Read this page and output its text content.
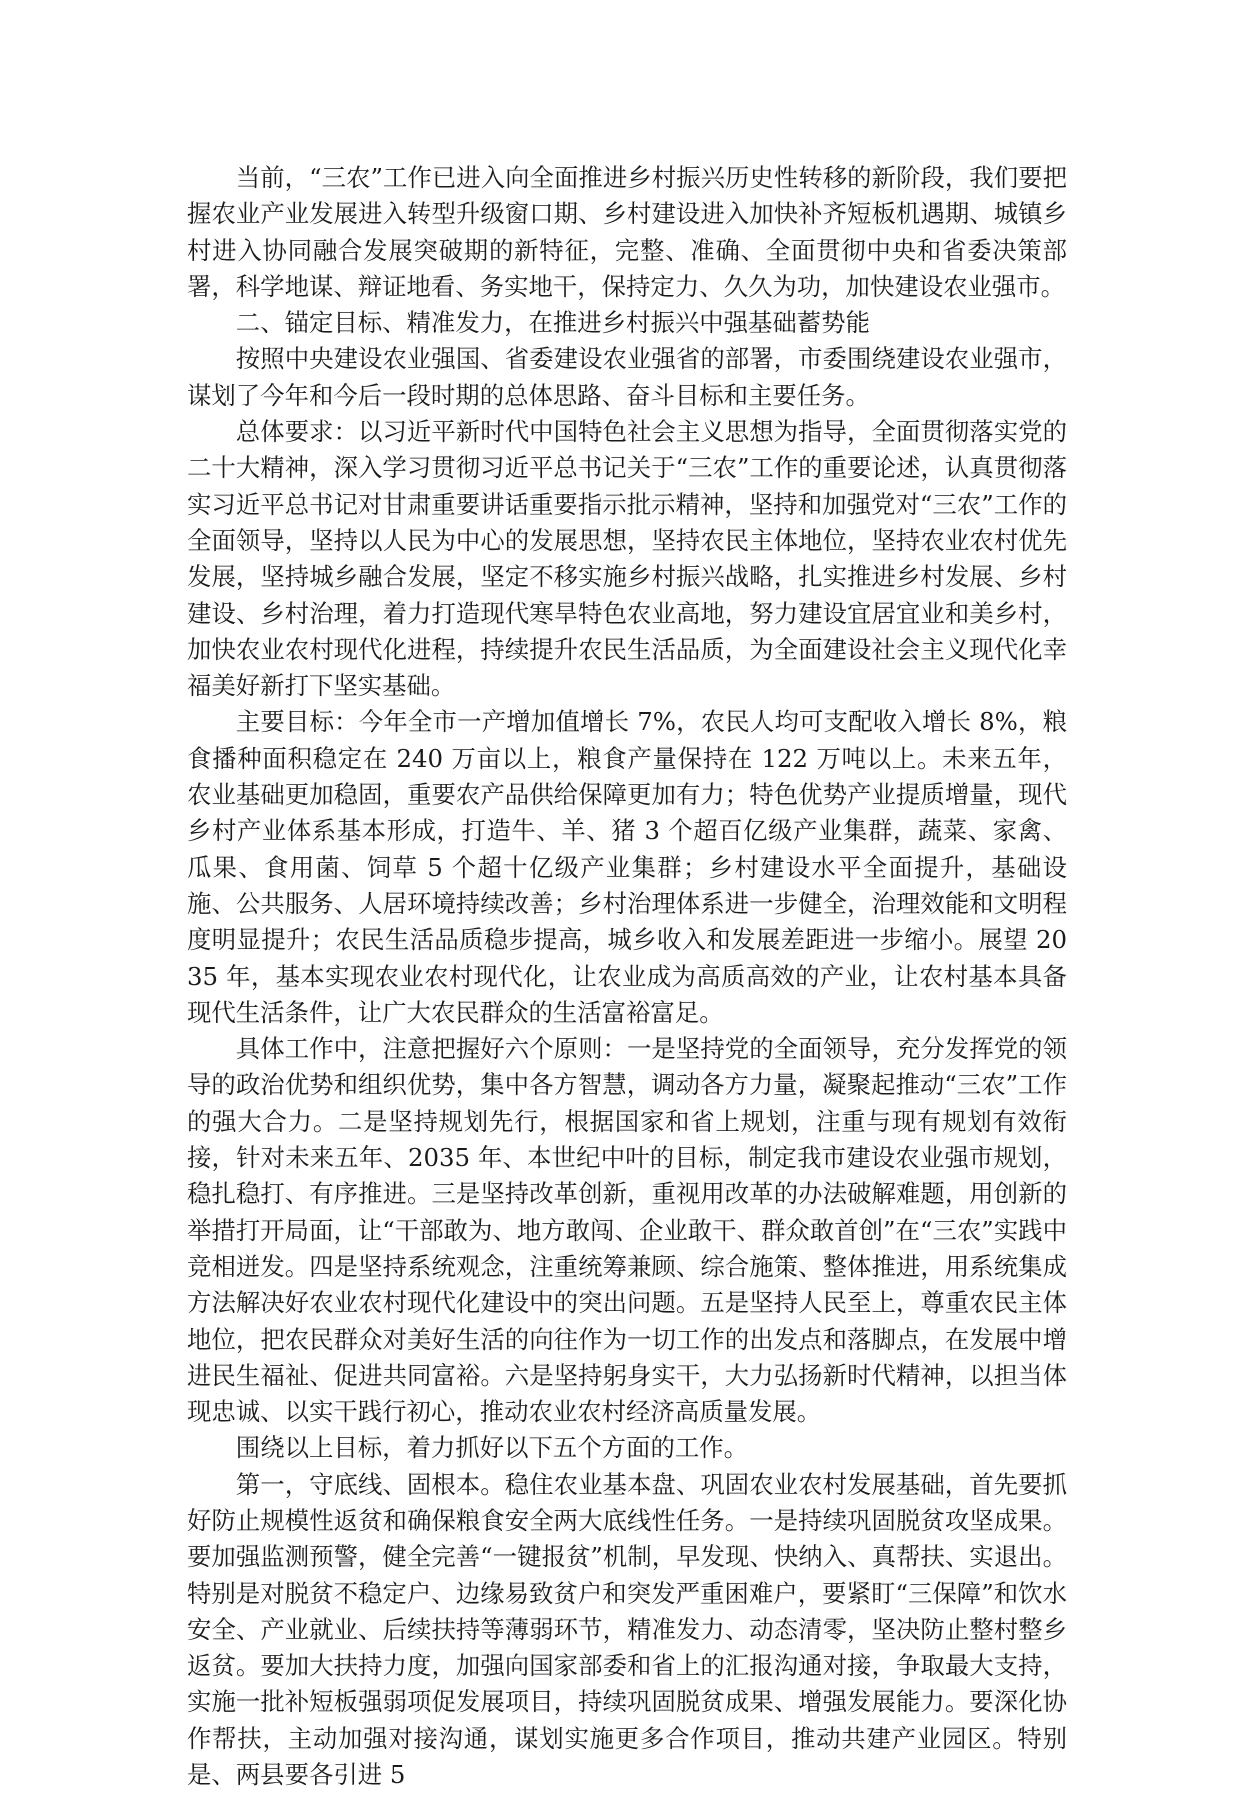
当前，“三农”工作已进入向全面推进乡村振兴历史性转移的新阶段，我们要把握农业产业发展进入转型升级窗口期、乡村建设进入加快补齐短板机遇期、城镇乡村进入协同融合发展突破期的新特征，完整、准确、全面贯彻中央和省委决策部署，科学地谋、辩证地看、务实地干，保持定力、久久为功，加快建设农业强市。

二、锚定目标、精准发力，在推进乡村振兴中强基础蓄势能

按照中央建设农业强国、省委建设农业强省的部署，市委围绕建设农业强市，谋划了今年和今后一段时期的总体思路、奋斗目标和主要任务。

总体要求：以习近平新时代中国特色社会主义思想为指导，全面贯彻落实党的二十大精神，深入学习贯彻习近平总书记关于“三农”工作的重要论述，认真贯彻落实习近平总书记对甘肃重要讲话重要指示批示精神，坚持和加强党对“三农”工作的全面领导，坚持以人民为中心的发展思想，坚持农民主体地位，坚持农业农村优先发展，坚持城乡融合发展，坚定不移实施乡村振兴战略，扎实推进乡村发展、乡村建设、乡村治理，着力打造现代寒旱特色农业高地，努力建设宜居宜业和美乡村，加快农业农村现代化进程，持续提升农民生活品质，为全面建设社会主义现代化幸福美好新打下坚实基础。

主要目标：今年全市一产增加值增长 7%，农民人均可支配收入增长 8%，粮食播种面积稳定在 240 万亩以上，粮食产量保持在 122 万吨以上。未来五年，农业基础更加稳固，重要农产品供给保障更加有力；特色优势产业提质增量，现代乡村产业体系基本形成，打造牛、羊、猪 3 个超百亿级产业集群，蔬菜、家禽、瓜果、食用菌、饲草 5 个超十亿级产业集群；乡村建设水平全面提升，基础设施、公共服务、人居环境持续改善；乡村治理体系进一步健全，治理效能和文明程度明显提升；农民生活品质稳步提高，城乡收入和发展差距进一步缩小。展望 2035 年，基本实现农业农村现代化，让农业成为高质高效的产业，让农村基本具备现代生活条件，让广大农民群众的生活富裕富足。

具体工作中，注意把握好六个原则：一是坚持党的全面领导，充分发挥党的领导的政治优势和组织优势，集中各方智慧，调动各方力量，凝聚起推动“三农”工作的强大合力。二是坚持规划先行，根据国家和省上规划，注重与现有规划有效衔接，针对未来五年、2035 年、本世纪中叶的目标，制定我市建设农业强市规划，稳扎稳打、有序推进。三是坚持改革创新，重视用改革的办法破解难题，用创新的举措打开局面，让“干部敢为、地方敢闯、企业敢干、群众敢首创”在“三农”实践中竞相迸发。四是坚持系统观念，注重统筹兼顾、综合施策、整体推进，用系统集成方法解决好农业农村现代化建设中的突出问题。五是坚持人民至上，尊重农民主体地位，把农民群众对美好生活的向往作为一切工作的出发点和落脚点，在发展中增进民生福祉、促进共同富裕。六是坚持躬身实干，大力弘扬新时代精神，以担当体现忠诚、以实干践行初心，推动农业农村经济高质量发展。

围绕以上目标，着力抓好以下五个方面的工作。

第一，守底线、固根本。稳住农业基本盘、巩固农业农村发展基础，首先要抓好防止规模性返贫和确保粮食安全两大底线性任务。一是持续巩固脱贫攻坚成果。要加强监测预警，健全完善“一键报贫”机制，早发现、快纳入、真帮扶、实退出。特别是对脱贫不稳定户、边缘易致贫户和突发严重困难户，要紧盯“三保障”和饮水安全、产业就业、后续扶持等薄弱环节，精准发力、动态清零，坚决防止整村整乡返贫。要加大扶持力度，加强向国家部委和省上的汇报沟通对接，争取最大支持，实施一批补短板强弱项促发展项目，持续巩固脱贫成果、增强发展能力。要深化协作帮扶，主动加强对接沟通，谋划实施更多合作项目，推动共建产业园区。特别是、两县要各引进 5
